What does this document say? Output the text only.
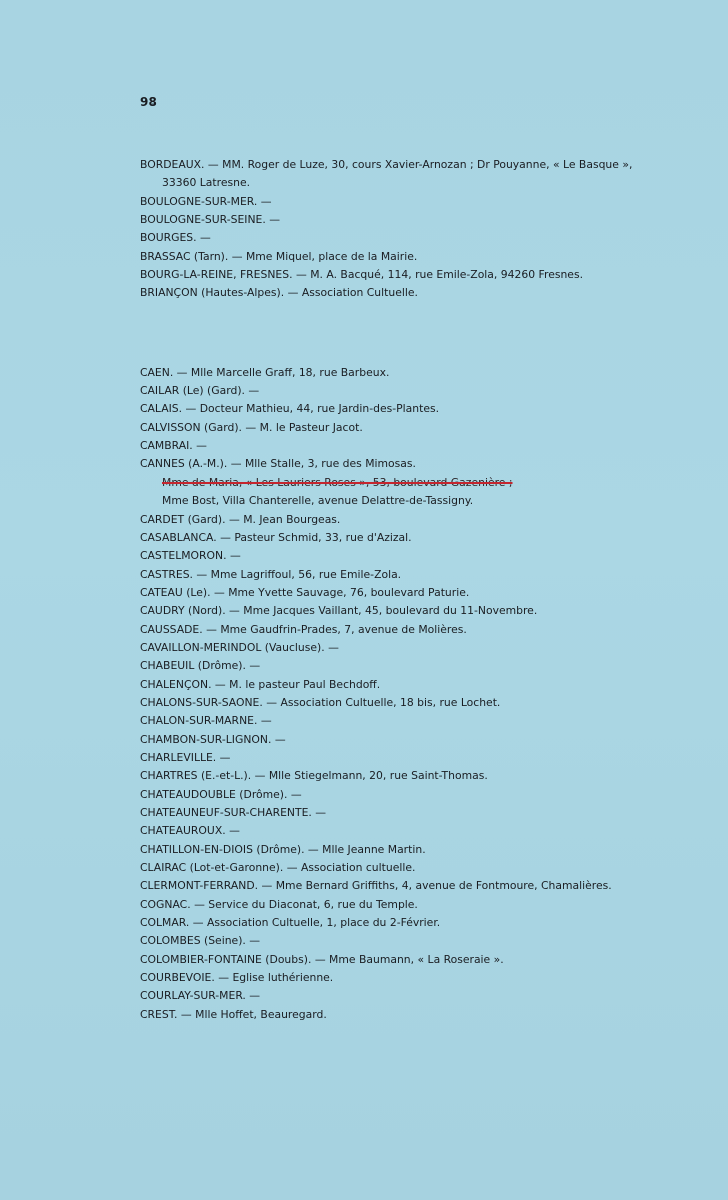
98
BORDEAUX. — MM. Roger de Luze, 30, cours Xavier-Arnozan ; Dr Pouyanne, « Le Basque »,
33360 Latresne.
BOULOGNE-SUR-MER. —
BOULOGNE-SUR-SEINE. —
BOURGES. —
BRASSAC (Tarn). — Mme Miquel, place de la Mairie.
BOURG-LA-REINE, FRESNES. — M. A. Bacqué, 114, rue Emile-Zola, 94260 Fresnes.
BRIANÇON (Hautes-Alpes). — Association Cultuelle.
CAEN. — Mlle Marcelle Graff, 18, rue Barbeux.
CAILAR (Le) (Gard). —
CALAIS. — Docteur Mathieu, 44, rue Jardin-des-Plantes.
CALVISSON (Gard). — M. le Pasteur Jacot.
CAMBRAI. —
CANNES (A.-M.). — Mlle Stalle, 3, rue des Mimosas.
Mme de Maria, « Les Lauriers Roses », 53, boulevard Gazenière ;
Mme Bost, Villa Chanterelle, avenue Delattre-de-Tassigny.
CARDET (Gard). — M. Jean Bourgeas.
CASABLANCA. — Pasteur Schmid, 33, rue d'Azizal.
CASTELMORON. —
CASTRES. — Mme Lagriffoul, 56, rue Emile-Zola.
CATEAU (Le). — Mme Yvette Sauvage, 76, boulevard Paturie.
CAUDRY (Nord). — Mme Jacques Vaillant, 45, boulevard du 11-Novembre.
CAUSSADE. — Mme Gaudfrin-Prades, 7, avenue de Molières.
CAVAILLON-MERINDOL (Vaucluse). —
CHABEUIL (Drôme). —
CHALENÇON. — M. le pasteur Paul Bechdoff.
CHALONS-SUR-SAONE. — Association Cultuelle, 18 bis, rue Lochet.
CHALON-SUR-MARNE. —
CHAMBON-SUR-LIGNON. —
CHARLEVILLE. —
CHARTRES (E.-et-L.). — Mlle Stiegelmann, 20, rue Saint-Thomas.
CHATEAUDOUBLE (Drôme). —
CHATEAUNEUF-SUR-CHARENTE. —
CHATEAUROUX. —
CHATILLON-EN-DIOIS (Drôme). — Mlle Jeanne Martin.
CLAIRAC (Lot-et-Garonne). — Association cultuelle.
CLERMONT-FERRAND. — Mme Bernard Griffiths, 4, avenue de Fontmoure, Chamalières.
COGNAC. — Service du Diaconat, 6, rue du Temple.
COLMAR. — Association Cultuelle, 1, place du 2-Février.
COLOMBES (Seine). —
COLOMBIER-FONTAINE (Doubs). — Mme Baumann, « La Roseraie ».
COURBEVOIE. — Eglise luthérienne.
COURLAY-SUR-MER. —
CREST. — Mlle Hoffet, Beauregard.
